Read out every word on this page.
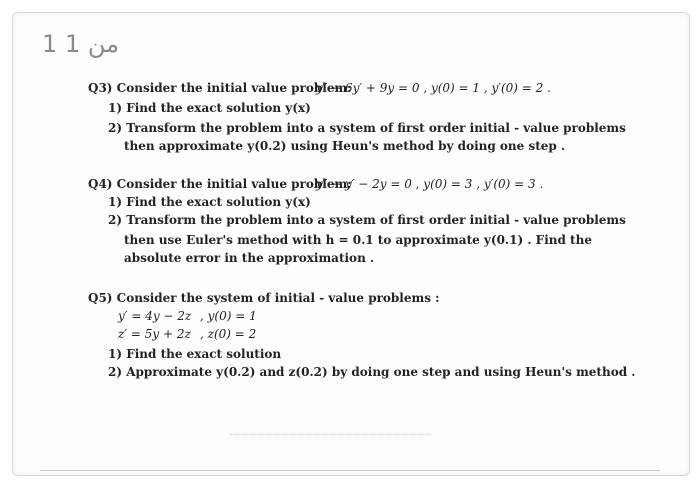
1 من 1
Q3) Consider the initial value problem:
y″ − 6y′ + 9y = 0 , y(0) = 1 , y′(0) = 2 .
1) Find the exact solution y(x)
2) Transform the problem into a system of first order initial - value problems
then approximate y(0.2) using Heun's method by doing one step .
Q4) Consider the initial value problem:
y″ − y′ − 2y = 0 , y(0) = 3 , y′(0) = 3 .
1) Find the exact solution y(x)
2) Transform the problem into a system of first order initial - value problems
then use Euler's method with h = 0.1 to approximate y(0.1) . Find the
absolute error in the approximation .
Q5) Consider the system of initial - value problems :
y′ = 4y − 2z , y(0) = 1
z′ = 5y + 2z , z(0) = 2
1) Find the exact solution
2) Approximate y(0.2) and z(0.2) by doing one step and using Heun's method .
